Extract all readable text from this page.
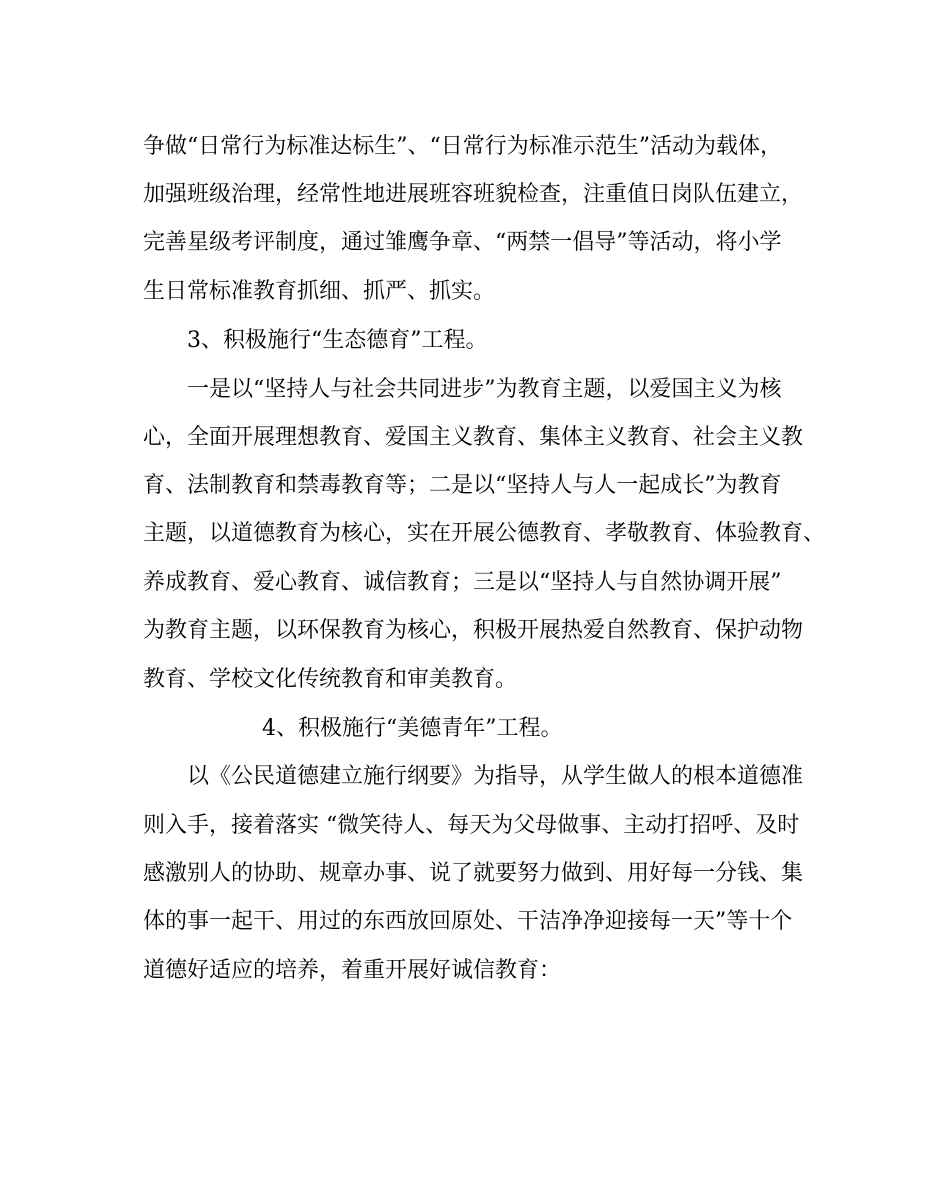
争做“日常行为标准达标生”、“日常行为标准示范生”活动为载体，
加强班级治理，经常性地进展班容班貌检查，注重值日岗队伍建立，
完善星级考评制度，通过雏鹰争章、“两禁一倡导”等活动，将小学
生日常标准教育抓细、抓严、抓实。
3、积极施行“生态德育”工程。
一是以“坚持人与社会共同进步”为教育主题，以爱国主义为核
心，全面开展理想教育、爱国主义教育、集体主义教育、社会主义教
育、法制教育和禁毒教育等；二是以“坚持人与人一起成长”为教育
主题，以道德教育为核心，实在开展公德教育、孝敬教育、体验教育、
养成教育、爱心教育、诚信教育；三是以“坚持人与自然协调开展”
为教育主题，以环保教育为核心，积极开展热爱自然教育、保护动物
教育、学校文化传统教育和审美教育。
4、积极施行“美德青年”工程。
以《公民道德建立施行纲要》为指导，从学生做人的根本道德准
则入手，接着落实 “微笑待人、每天为父母做事、主动打招呼、及时
感激别人的协助、规章办事、说了就要努力做到、用好每一分钱、集
体的事一起干、用过的东西放回原处、干洁净净迎接每一天”等十个
道德好适应的培养，着重开展好诚信教育：
